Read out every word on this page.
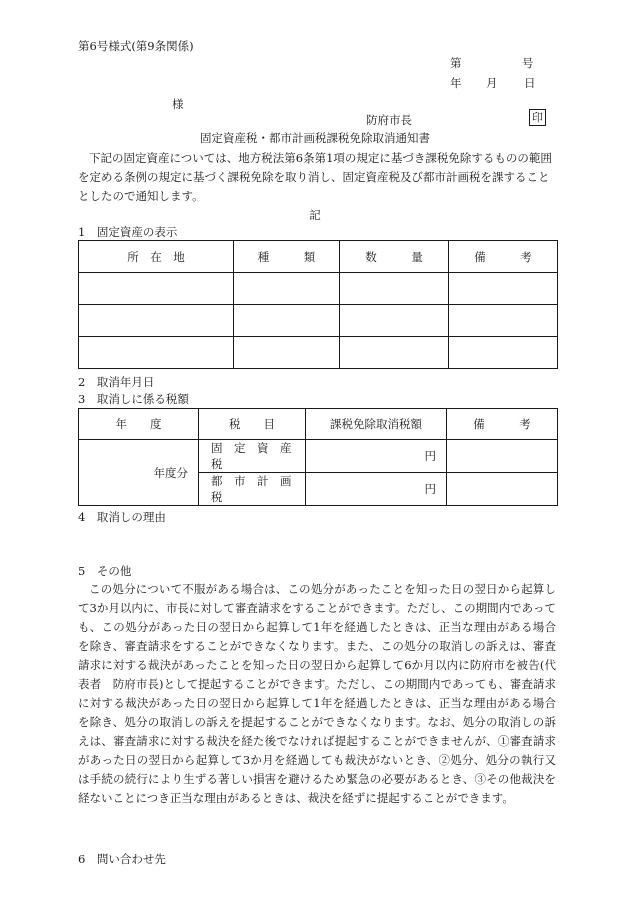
第6号様式(第9条関係)
第	号
年 月 日
様
防府市長	印
固定資産税・都市計画税課税免除取消通知書
下記の固定資産については、地方税法第6条第1項の規定に基づき課税免除するものの範囲を定める条例の規定に基づく課税免除を取り消し、固定資産税及び都市計画税を課することとしたので通知します。
記
1　固定資産の表示
所　在　地	種　　　類	数　　　量	備　　　考

2　取消年月日
3　取消しに係る税額
年　　度	税　　目	課税免除取消税額	備　　　考
年度分	固　定　資　産　税	円	
	都　市　計　画　税	円	
4　取消しの理由
5　その他
この処分について不服がある場合は、この処分があったことを知った日の翌日から起算して3か月以内に、市長に対して審査請求をすることができます。ただし、この期間内であっても、この処分があった日の翌日から起算して1年を経過したときは、正当な理由がある場合を除き、審査請求をすることができなくなります。また、この処分の取消しの訴えは、審査請求に対する裁決があったことを知った日の翌日から起算して6か月以内に防府市を被告(代表者　防府市長)として提起することができます。ただし、この期間内であっても、審査請求に対する裁決があった日の翌日から起算して1年を経過したときは、正当な理由がある場合を除き、処分の取消しの訴えを提起することができなくなります。なお、処分の取消しの訴えは、審査請求に対する裁決を経た後でなければ提起することができませんが、①審査請求があった日の翌日から起算して3か月を経過しても裁決がないとき、②処分、処分の執行又は手続の続行により生ずる著しい損害を避けるため緊急の必要があるとき、③その他裁決を経ないことにつき正当な理由があるときは、裁決を経ずに提起することができます。
6　問い合わせ先
